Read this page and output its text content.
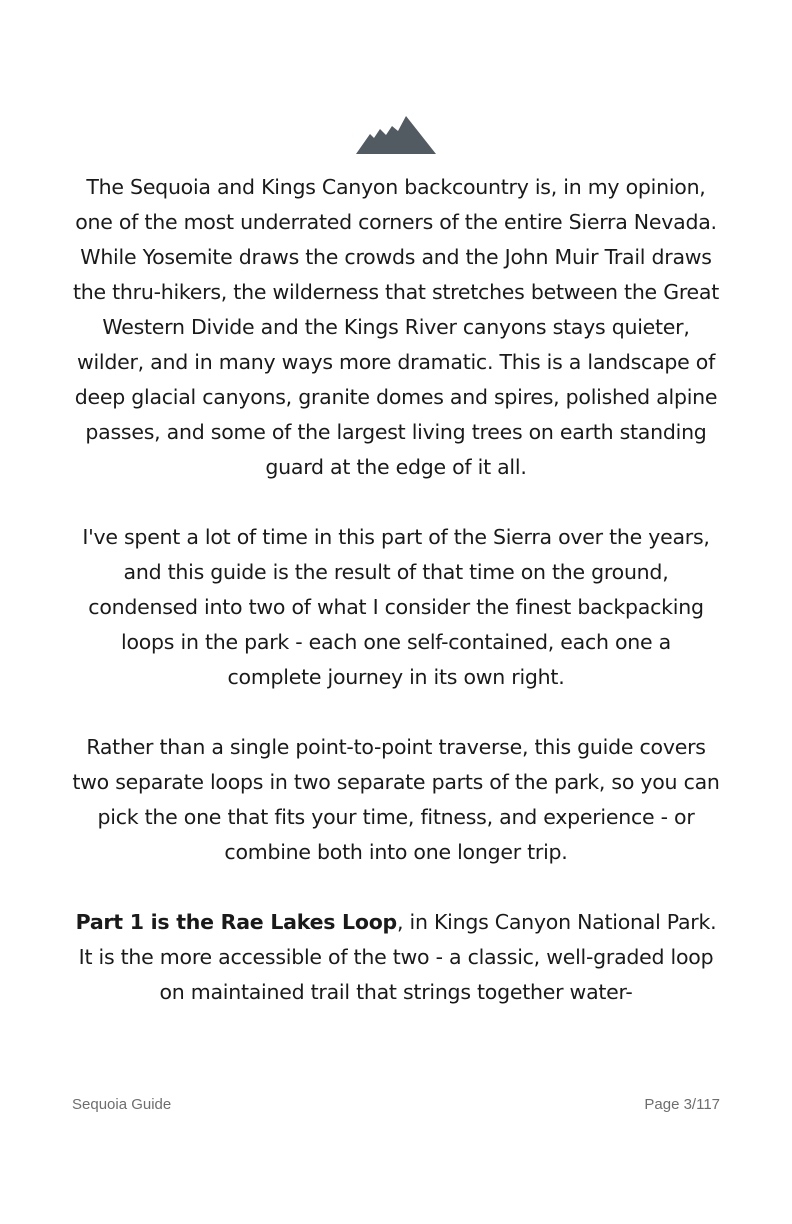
The Sequoia and Kings Canyon backcountry is, in my opinion, one of the most underrated corners of the entire Sierra Nevada. While Yosemite draws the crowds and the John Muir Trail draws the thru-hikers, the wilderness that stretches between the Great Western Divide and the Kings River canyons stays quieter, wilder, and in many ways more dramatic. This is a landscape of deep glacial canyons, granite domes and spires, polished alpine passes, and some of the largest living trees on earth standing guard at the edge of it all.

I've spent a lot of time in this part of the Sierra over the years, and this guide is the result of that time on the ground, condensed into two of what I consider the finest backpacking loops in the park - each one self-contained, each one a complete journey in its own right.

Rather than a single point-to-point traverse, this guide covers two separate loops in two separate parts of the park, so you can pick the one that fits your time, fitness, and experience - or combine both into one longer trip.

Part 1 is the Rae Lakes Loop, in Kings Canyon National Park. It is the more accessible of the two - a classic, well-graded loop on maintained trail that strings together water-

Sequoia Guide	Page 3/117
